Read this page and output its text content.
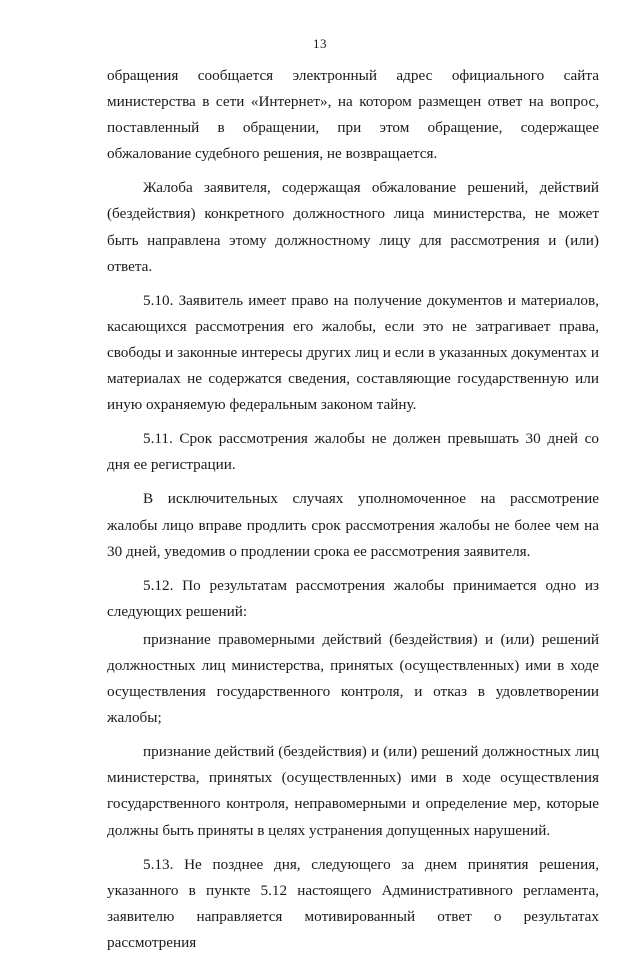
13

обращения сообщается электронный адрес официального сайта министерства в сети «Интернет», на котором размещен ответ на вопрос, поставленный в обращении, при этом обращение, содержащее обжалование судебного решения, не возвращается.

Жалоба заявителя, содержащая обжалование решений, действий (бездействия) конкретного должностного лица министерства, не может быть направлена этому должностному лицу для рассмотрения и (или) ответа.

5.10. Заявитель имеет право на получение документов и материалов, касающихся рассмотрения его жалобы, если это не затрагивает права, свободы и законные интересы других лиц и если в указанных документах и материалах не содержатся сведения, составляющие государственную или иную охраняемую федеральным законом тайну.

5.11. Срок рассмотрения жалобы не должен превышать 30 дней со дня ее регистрации.

В исключительных случаях уполномоченное на рассмотрение жалобы лицо вправе продлить срок рассмотрения жалобы не более чем на 30 дней, уведомив о продлении срока ее рассмотрения заявителя.

5.12. По результатам рассмотрения жалобы принимается одно из следующих решений:

признание правомерными действий (бездействия) и (или) решений должностных лиц министерства, принятых (осуществленных) ими в ходе осуществления государственного контроля, и отказ в удовлетворении жалобы;

признание действий (бездействия) и (или) решений должностных лиц министерства, принятых (осуществленных) ими в ходе осуществления государственного контроля, неправомерными и определение мер, которые должны быть приняты в целях устранения допущенных нарушений.

5.13. Не позднее дня, следующего за днем принятия решения, указанного в пункте 5.12 настоящего Административного регламента, заявителю направляется мотивированный ответ о результатах рассмотрения
